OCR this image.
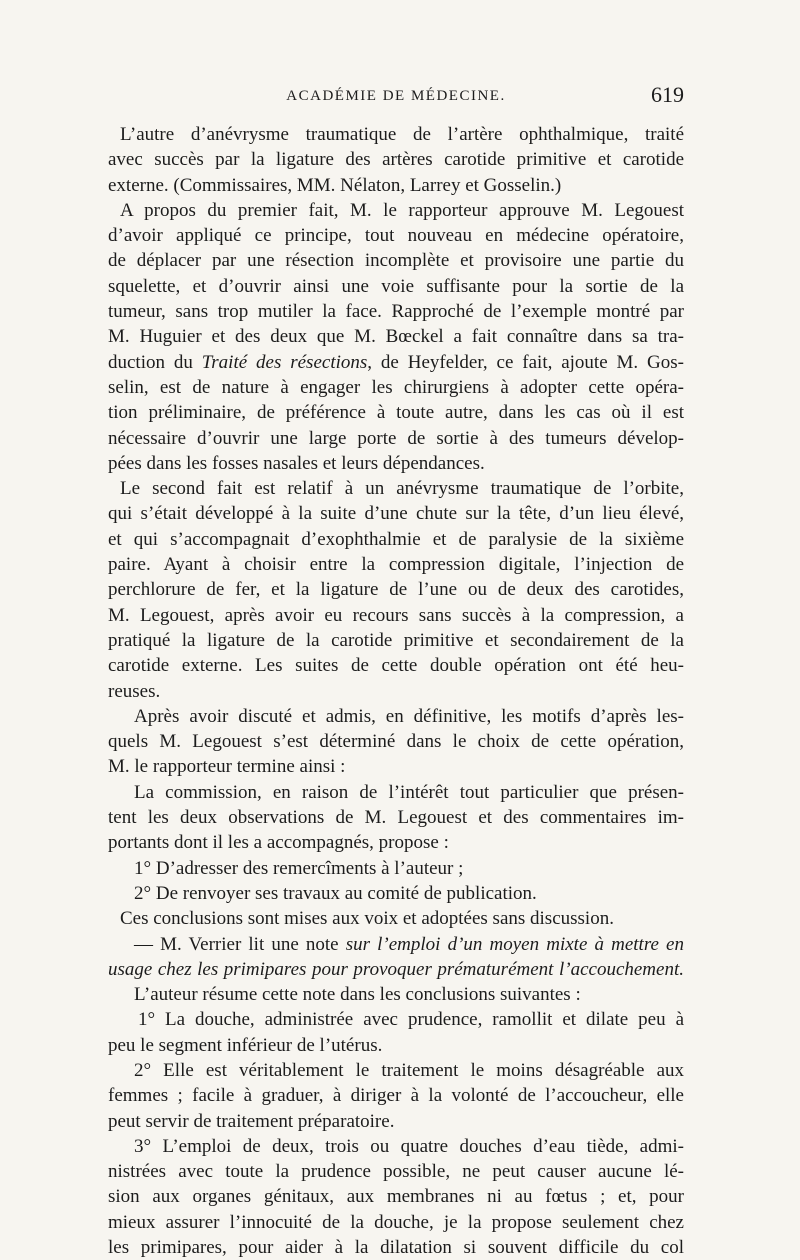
ACADÉMIE DE MÉDECINE.	619
L’autre d’anévrysme traumatique de l’artère ophthalmique, traité
avec succès par la ligature des artères carotide primitive et carotide
externe. (Commissaires, MM. Nélaton, Larrey et Gosselin.)
A propos du premier fait, M. le rapporteur approuve M. Legouest
d’avoir appliqué ce principe, tout nouveau en médecine opératoire,
de déplacer par une résection incomplète et provisoire une partie du
squelette, et d’ouvrir ainsi une voie suffisante pour la sortie de la
tumeur, sans trop mutiler la face. Rapproché de l’exemple montré par
M. Huguier et des deux que M. Bœckel a fait connaître dans sa tra-
duction du Traité des résections, de Heyfelder, ce fait, ajoute M. Gos-
selin, est de nature à engager les chirurgiens à adopter cette opéra-
tion préliminaire, de préférence à toute autre, dans les cas où il est
nécessaire d’ouvrir une large porte de sortie à des tumeurs dévelop-
pées dans les fosses nasales et leurs dépendances.
Le second fait est relatif à un anévrysme traumatique de l’orbite,
qui s’était développé à la suite d’une chute sur la tête, d’un lieu élevé,
et qui s’accompagnait d’exophthalmie et de paralysie de la sixième
paire. Ayant à choisir entre la compression digitale, l’injection de
perchlorure de fer, et la ligature de l’une ou de deux des carotides,
M. Legouest, après avoir eu recours sans succès à la compression, a
pratiqué la ligature de la carotide primitive et secondairement de la
carotide externe. Les suites de cette double opération ont été heu-
reuses.
Après avoir discuté et admis, en définitive, les motifs d’après les-
quels M. Legouest s’est déterminé dans le choix de cette opération,
M. le rapporteur termine ainsi :
La commission, en raison de l’intérêt tout particulier que présen-
tent les deux observations de M. Legouest et des commentaires im-
portants dont il les a accompagnés, propose :
1° D’adresser des remercîments à l’auteur ;
2° De renvoyer ses travaux au comité de publication.
Ces conclusions sont mises aux voix et adoptées sans discussion.
— M. Verrier lit une note sur l’emploi d’un moyen mixte à mettre en
usage chez les primipares pour provoquer prématurément l’accouchement.
L’auteur résume cette note dans les conclusions suivantes :
1° La douche, administrée avec prudence, ramollit et dilate peu à
peu le segment inférieur de l’utérus.
2° Elle est véritablement le traitement le moins désagréable aux
femmes ; facile à graduer, à diriger à la volonté de l’accoucheur, elle
peut servir de traitement préparatoire.
3° L’emploi de deux, trois ou quatre douches d’eau tiède, admi-
nistrées avec toute la prudence possible, ne peut causer aucune lé-
sion aux organes génitaux, aux membranes ni au fœtus ; et, pour
mieux assurer l’innocuité de la douche, je la propose seulement chez
les primipares, pour aider à la dilatation si souvent difficile du col
